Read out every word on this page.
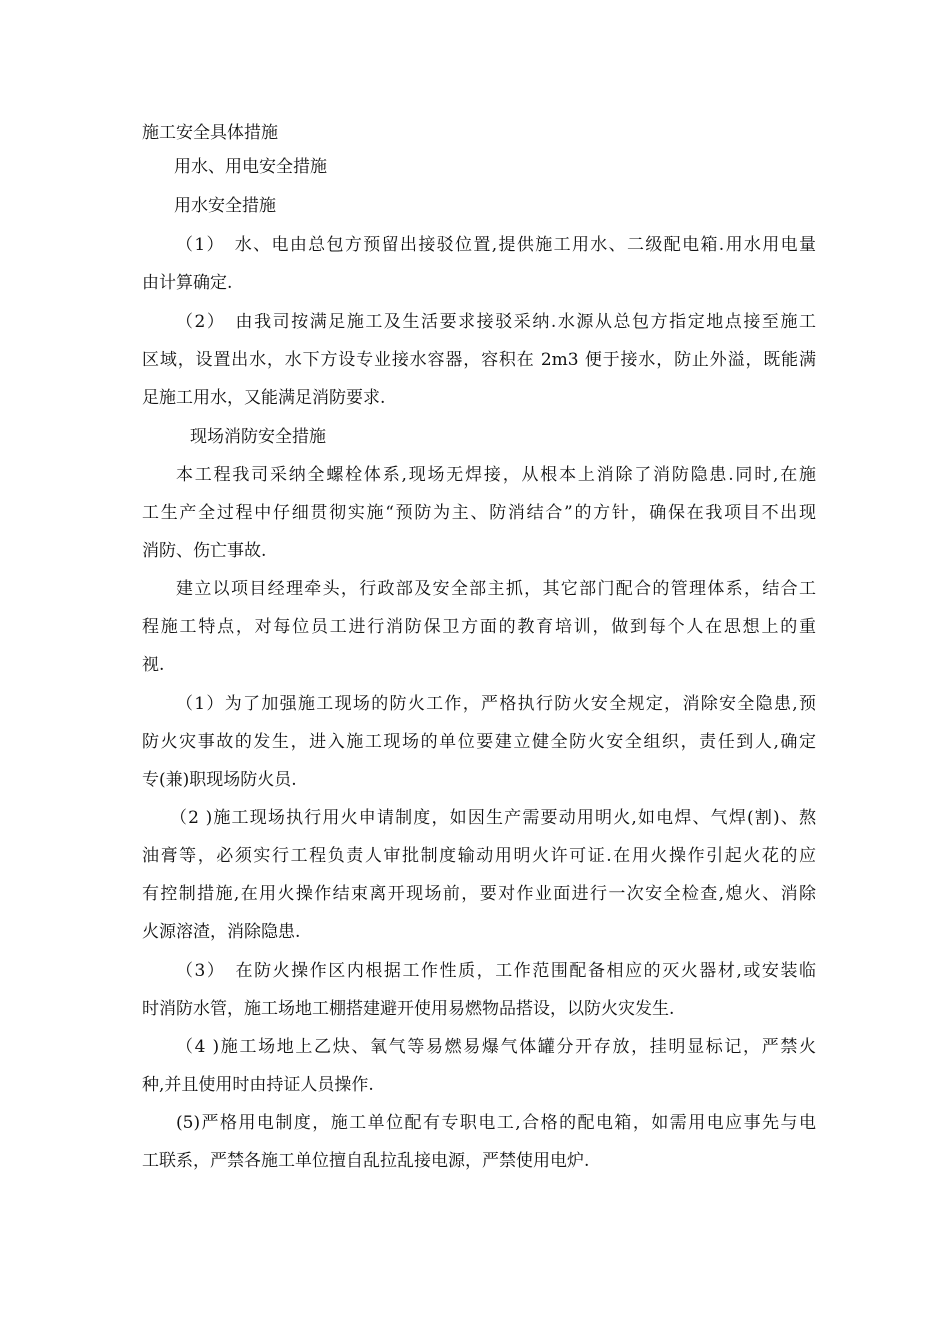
施工安全具体措施

用水、用电安全措施

用水安全措施

（1）　水、电由总包方预留出接驳位置,提供施工用水、二级配电箱.用水用电量

由计算确定.

（2）　由我司按满足施工及生活要求接驳采纳.水源从总包方指定地点接至施工

区域，设置出水，水下方设专业接水容器，容积在 2m3 便于接水，防止外溢，既能满

足施工用水，又能满足消防要求.

现场消防安全措施

本工程我司采纳全螺栓体系,现场无焊接，从根本上消除了消防隐患.同时,在施

工生产全过程中仔细贯彻实施“预防为主、防消结合”的方针，确保在我项目不出现

消防、伤亡事故.

建立以项目经理牵头，行政部及安全部主抓，其它部门配合的管理体系，结合工

程施工特点，对每位员工进行消防保卫方面的教育培训，做到每个人在思想上的重

视.

（1）为了加强施工现场的防火工作，严格执行防火安全规定，消除安全隐患,预

防火灾事故的发生，进入施工现场的单位要建立健全防火安全组织，责任到人,确定

专(兼)职现场防火员.

（2 )施工现场执行用火申请制度，如因生产需要动用明火,如电焊、气焊(割)、熬

油膏等，必须实行工程负责人审批制度输动用明火许可证.在用火操作引起火花的应

有控制措施,在用火操作结束离开现场前，要对作业面进行一次安全检查,熄火、消除

火源溶渣，消除隐患.

（3）　在防火操作区内根据工作性质，工作范围配备相应的灭火器材,或安装临

时消防水管，施工场地工棚搭建避开使用易燃物品搭设，以防火灾发生.

（4 )施工场地上乙炔、氧气等易燃易爆气体罐分开存放，挂明显标记，严禁火

种,并且使用时由持证人员操作.

(5)严格用电制度，施工单位配有专职电工,合格的配电箱，如需用电应事先与电

工联系，严禁各施工单位擅自乱拉乱接电源，严禁使用电炉.
